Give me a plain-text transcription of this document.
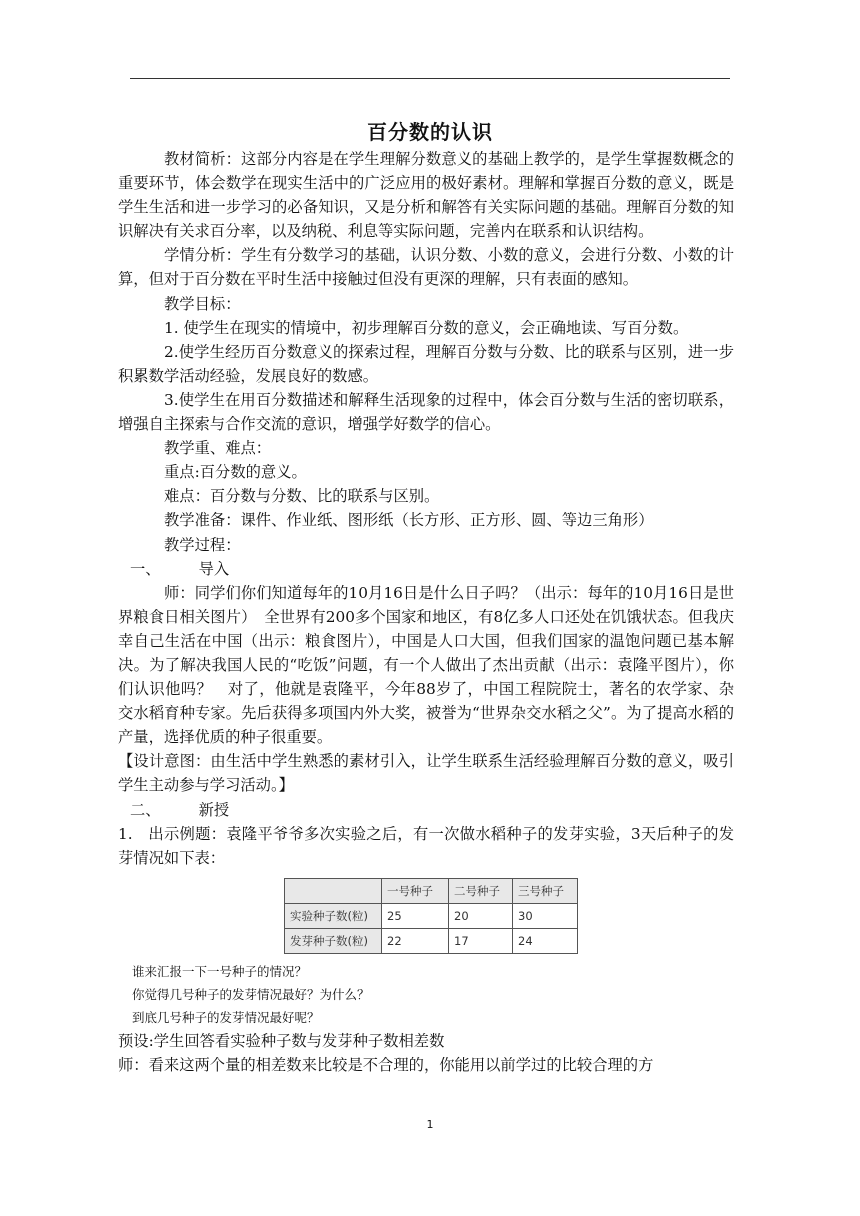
百分数的认识

教材简析：这部分内容是在学生理解分数意义的基础上教学的，是学生掌握数概念的重要环节，体会数学在现实生活中的广泛应用的极好素材。理解和掌握百分数的意义，既是学生生活和进一步学习的必备知识，又是分析和解答有关实际问题的基础。理解百分数的知识解决有关求百分率，以及纳税、利息等实际问题，完善内在联系和认识结构。

学情分析：学生有分数学习的基础，认识分数、小数的意义，会进行分数、小数的计算，但对于百分数在平时生活中接触过但没有更深的理解，只有表面的感知。

教学目标：

1. 使学生在现实的情境中，初步理解百分数的意义，会正确地读、写百分数。

2.使学生经历百分数意义的探索过程，理解百分数与分数、比的联系与区别，进一步积累数学活动经验，发展良好的数感。

3.使学生在用百分数描述和解释生活现象的过程中，体会百分数与生活的密切联系，增强自主探索与合作交流的意识，增强学好数学的信心。

教学重、难点：

重点:百分数的意义。

难点：百分数与分数、比的联系与区别。

教学准备：课件、作业纸、图形纸（长方形、正方形、圆、等边三角形）

教学过程：

一、 导入

师：同学们你们知道每年的10月16日是什么日子吗？（出示：每年的10月16日是世界粮食日相关图片）　全世界有200多个国家和地区，有8亿多人口还处在饥饿状态。但我庆幸自己生活在中国（出示：粮食图片），中国是人口大国，但我们国家的温饱问题已基本解决。为了解决我国人民的“吃饭”问题，有一个人做出了杰出贡献（出示：袁隆平图片），你们认识他吗？　对了，他就是袁隆平，今年88岁了，中国工程院院士，著名的农学家、杂交水稻育种专家。先后获得多项国内外大奖，被誉为“世界杂交水稻之父”。为了提高水稻的产量，选择优质的种子很重要。

【设计意图：由生活中学生熟悉的素材引入，让学生联系生活经验理解百分数的意义，吸引学生主动参与学习活动。】

二、 新授

1.　出示例题：袁隆平爷爷多次实验之后，有一次做水稻种子的发芽实验，3天后种子的发芽情况如下表：

	一号种子	二号种子	三号种子
实验种子数(粒)	25	20	30
发芽种子数(粒)	22	17	24

谁来汇报一下一号种子的情况？

你觉得几号种子的发芽情况最好？为什么？

到底几号种子的发芽情况最好呢？

预设:学生回答看实验种子数与发芽种子数相差数

师：看来这两个量的相差数来比较是不合理的，你能用以前学过的比较合理的方

1
